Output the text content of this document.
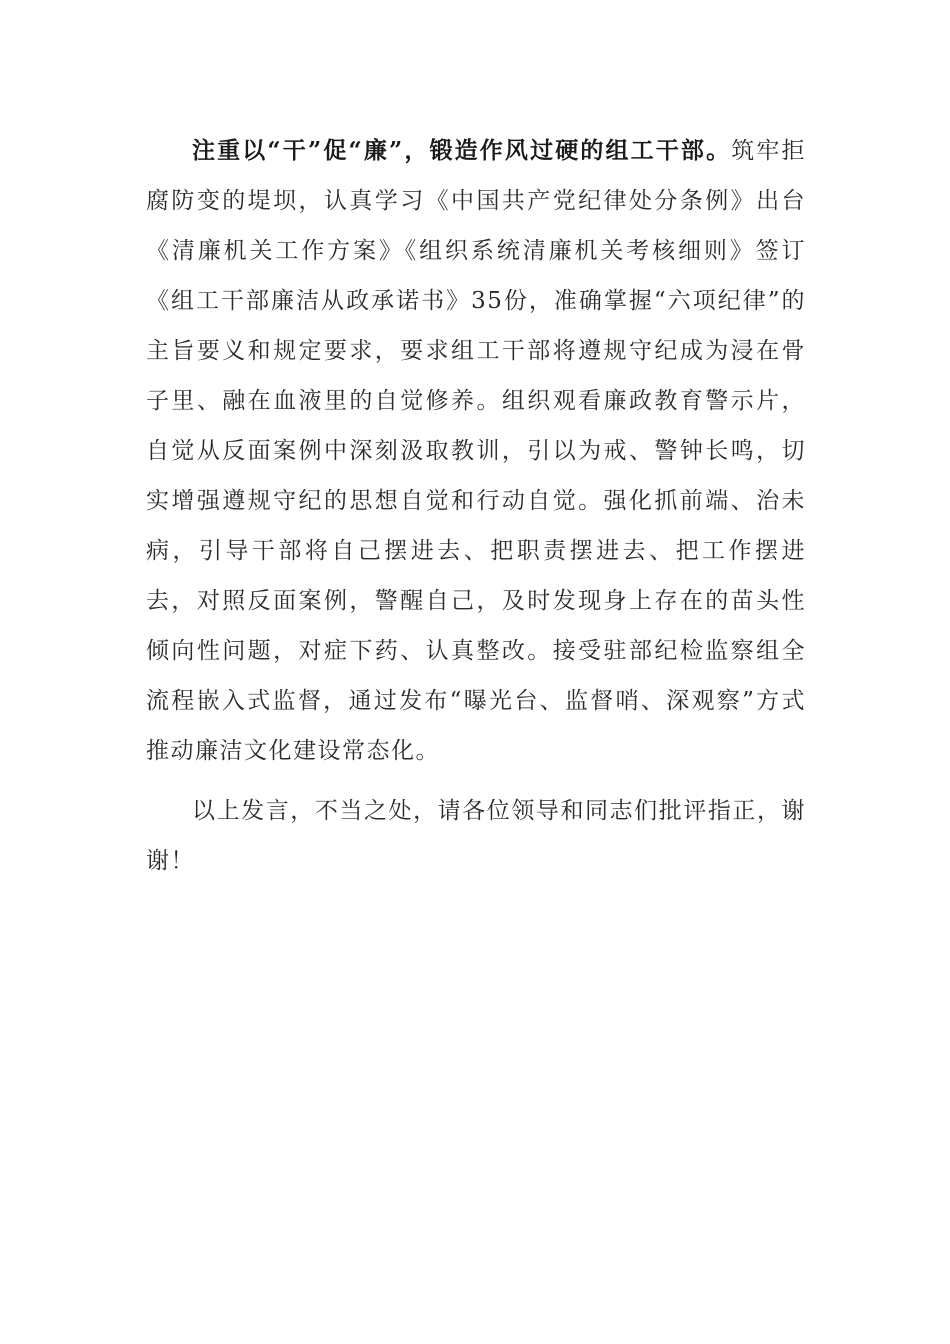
注重以“干”促“廉”，锻造作风过硬的组工干部。筑牢拒腐防变的堤坝，认真学习《中国共产党纪律处分条例》出台《清廉机关工作方案》《组织系统清廉机关考核细则》签订《组工干部廉洁从政承诺书》35份，准确掌握“六项纪律”的主旨要义和规定要求，要求组工干部将遵规守纪成为浸在骨子里、融在血液里的自觉修养。组织观看廉政教育警示片，自觉从反面案例中深刻汲取教训，引以为戒、警钟长鸣，切实增强遵规守纪的思想自觉和行动自觉。强化抓前端、治未病，引导干部将自己摆进去、把职责摆进去、把工作摆进去，对照反面案例，警醒自己，及时发现身上存在的苗头性倾向性问题，对症下药、认真整改。接受驻部纪检监察组全流程嵌入式监督，通过发布“曝光台、监督哨、深观察”方式推动廉洁文化建设常态化。

以上发言，不当之处，请各位领导和同志们批评指正，谢谢！
